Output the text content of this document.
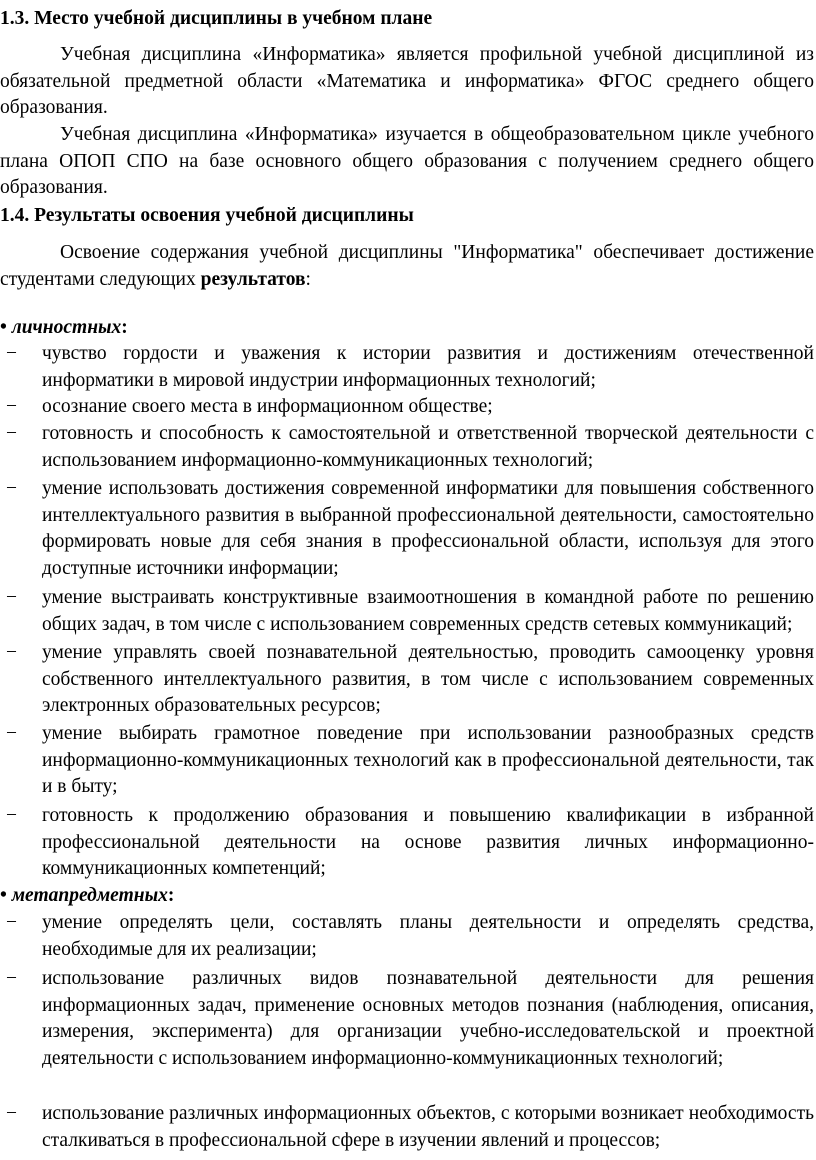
1.3. Место учебной дисциплины в учебном плане
Учебная дисциплина «Информатика» является профильной учебной дисциплиной из обязательной предметной области «Математика и информатика» ФГОС среднего общего образования.
Учебная дисциплина «Информатика» изучается в общеобразовательном цикле учебного плана ОПОП СПО на базе основного общего образования с получением среднего общего образования.
1.4. Результаты освоения учебной дисциплины
Освоение содержания учебной дисциплины "Информатика" обеспечивает достижение студентами следующих результатов:
• личностных:
−	чувство гордости и уважения к истории развития и достижениям отечественной информатики в мировой индустрии информационных технологий;
−	осознание своего места в информационном обществе;
−	готовность и способность к самостоятельной и ответственной творческой деятельности с использованием информационно-коммуникационных технологий;
−	умение использовать достижения современной информатики для повышения собственного интеллектуального развития в выбранной профессиональной деятельности, самостоятельно формировать новые для себя знания в профессиональной области, используя для этого доступные источники информации;
−	умение выстраивать конструктивные взаимоотношения в командной работе по решению общих задач, в том числе с использованием современных средств сетевых коммуникаций;
−	умение управлять своей познавательной деятельностью, проводить самооценку уровня собственного интеллектуального развития, в том числе с использованием современных электронных образовательных ресурсов;
−	умение выбирать грамотное поведение при использовании разнообразных средств информационно-коммуникационных технологий как в профессиональной деятельности, так и в быту;
−	готовность к продолжению образования и повышению квалификации в избранной профессиональной деятельности на основе развития личных информационно-коммуникационных компетенций;
• метапредметных:
−	умение определять цели, составлять планы деятельности и определять средства, необходимые для их реализации;
−	использование различных видов познавательной деятельности для решения информационных задач, применение основных методов познания (наблюдения, описания, измерения, эксперимента) для организации учебно-исследовательской и проектной деятельности с использованием информационно-коммуникационных технологий;
−	использование различных информационных объектов, с которыми возникает необходимость сталкиваться в профессиональной сфере в изучении явлений и процессов;
